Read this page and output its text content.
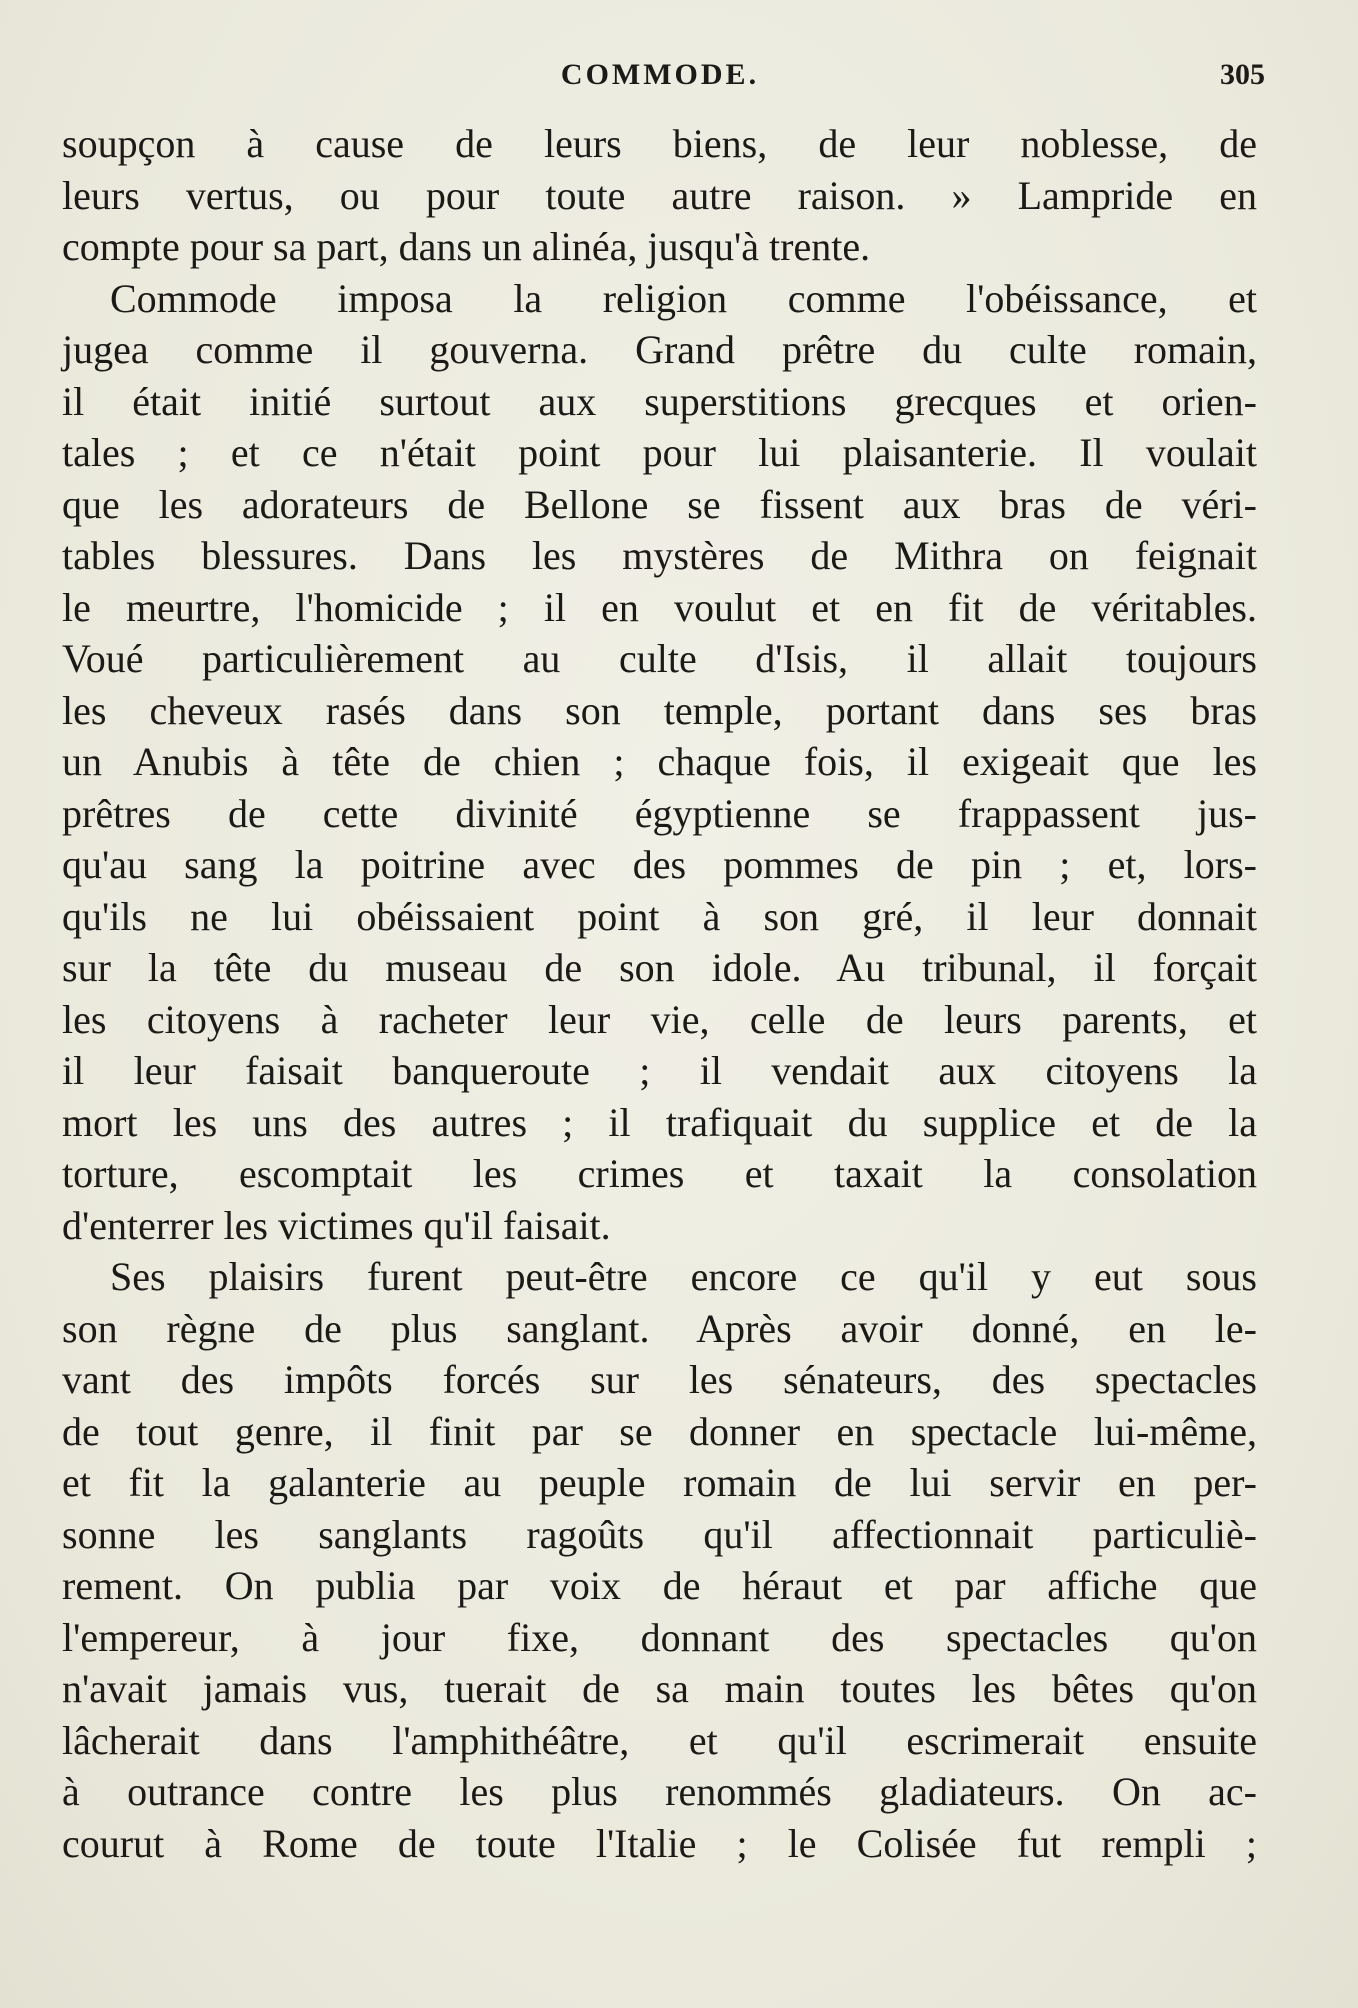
COMMODE.	305
soupçon à cause de leurs biens, de leur noblesse, de
leurs vertus, ou pour toute autre raison. » Lampride en
compte pour sa part, dans un alinéa, jusqu'à trente.
Commode imposa la religion comme l'obéissance, et
jugea comme il gouverna. Grand prêtre du culte romain,
il était initié surtout aux superstitions grecques et orien-
tales ; et ce n'était point pour lui plaisanterie. Il voulait
que les adorateurs de Bellone se fissent aux bras de véri-
tables blessures. Dans les mystères de Mithra on feignait
le meurtre, l'homicide ; il en voulut et en fit de véritables.
Voué particulièrement au culte d'Isis, il allait toujours
les cheveux rasés dans son temple, portant dans ses bras
un Anubis à tête de chien ; chaque fois, il exigeait que les
prêtres de cette divinité égyptienne se frappassent jus-
qu'au sang la poitrine avec des pommes de pin ; et, lors-
qu'ils ne lui obéissaient point à son gré, il leur donnait
sur la tête du museau de son idole. Au tribunal, il forçait
les citoyens à racheter leur vie, celle de leurs parents, et
il leur faisait banqueroute ; il vendait aux citoyens la
mort les uns des autres ; il trafiquait du supplice et de la
torture, escomptait les crimes et taxait la consolation
d'enterrer les victimes qu'il faisait.
Ses plaisirs furent peut-être encore ce qu'il y eut sous
son règne de plus sanglant. Après avoir donné, en le-
vant des impôts forcés sur les sénateurs, des spectacles
de tout genre, il finit par se donner en spectacle lui-même,
et fit la galanterie au peuple romain de lui servir en per-
sonne les sanglants ragoûts qu'il affectionnait particuliè-
rement. On publia par voix de héraut et par affiche que
l'empereur, à jour fixe, donnant des spectacles qu'on
n'avait jamais vus, tuerait de sa main toutes les bêtes qu'on
lâcherait dans l'amphithéâtre, et qu'il escrimerait ensuite
à outrance contre les plus renommés gladiateurs. On ac-
courut à Rome de toute l'Italie ; le Colisée fut rempli ;
